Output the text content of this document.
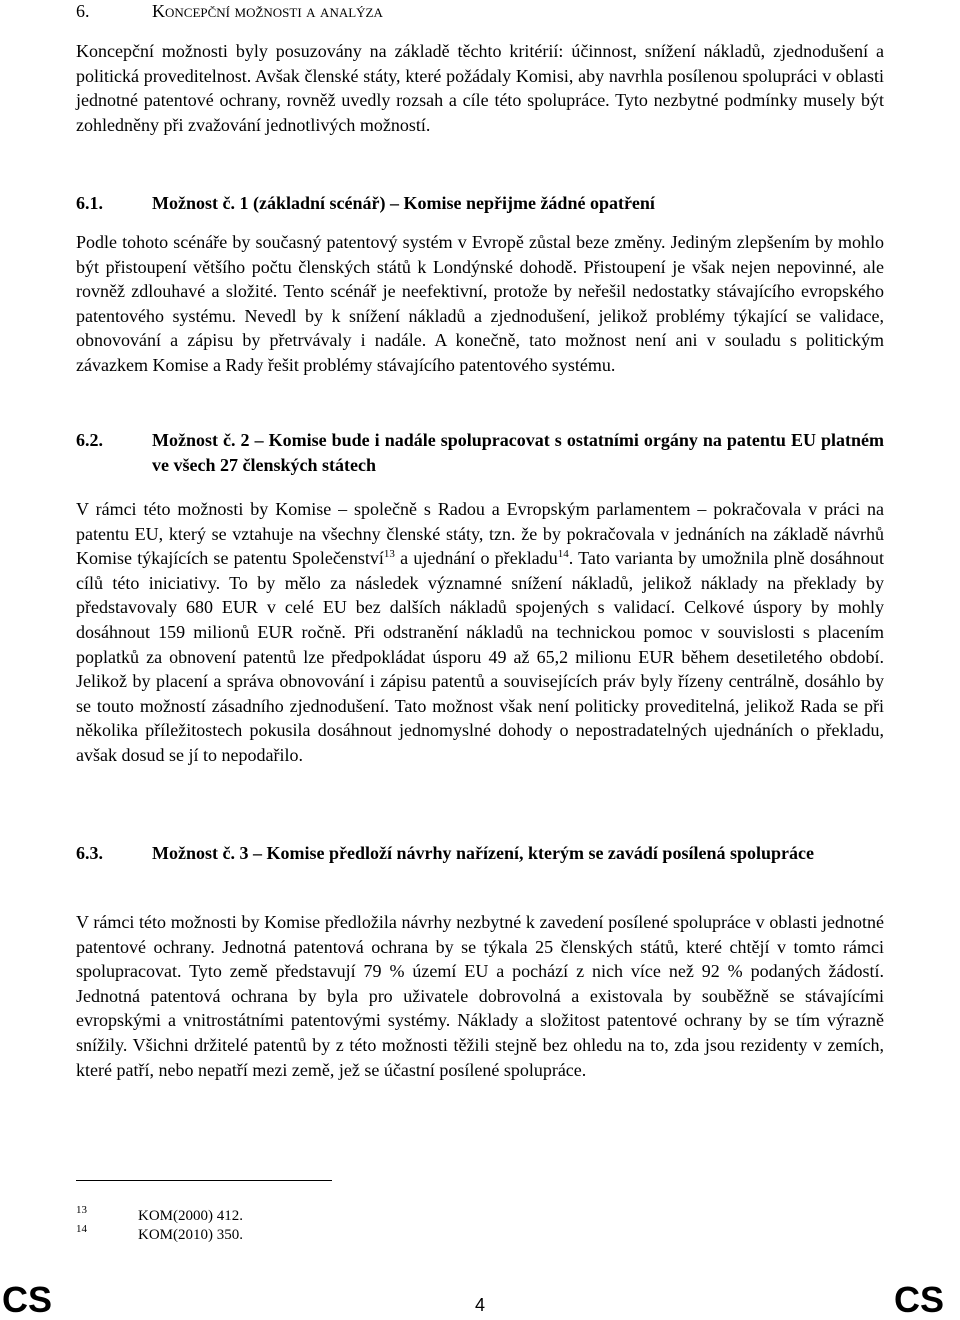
6.	Koncepční možnosti a analýza

Koncepční možnosti byly posuzovány na základě těchto kritérií: účinnost, snížení nákladů, zjednodušení a politická proveditelnost. Avšak členské státy, které požádaly Komisi, aby navrhla posílenou spolupráci v oblasti jednotné patentové ochrany, rovněž uvedly rozsah a cíle této spolupráce. Tyto nezbytné podmínky musely být zohledněny při zvažování jednotlivých možností.

6.1.	Možnost č. 1 (základní scénář) – Komise nepřijme žádné opatření

Podle tohoto scénáře by současný patentový systém v Evropě zůstal beze změny. Jediným zlepšením by mohlo být přistoupení většího počtu členských států k Londýnské dohodě. Přistoupení je však nejen nepovinné, ale rovněž zdlouhavé a složité. Tento scénář je neefektivní, protože by neřešil nedostatky stávajícího evropského patentového systému. Nevedl by k snížení nákladů a zjednodušení, jelikož problémy týkající se validace, obnovování a zápisu by přetrvávaly i nadále. A konečně, tato možnost není ani v souladu s politickým závazkem Komise a Rady řešit problémy stávajícího patentového systému.

6.2.	Možnost č. 2 – Komise bude i nadále spolupracovat s ostatními orgány na patentu EU platném ve všech 27 členských státech

V rámci této možnosti by Komise – společně s Radou a Evropským parlamentem – pokračovala v práci na patentu EU, který se vztahuje na všechny členské státy, tzn. že by pokračovala v jednáních na základě návrhů Komise týkajících se patentu Společenství$^{13}$ a ujednání o překladu$^{14}$. Tato varianta by umožnila plně dosáhnout cílů této iniciativy. To by mělo za následek významné snížení nákladů, jelikož náklady na překlady by představovaly 680 EUR v celé EU bez dalších nákladů spojených s validací. Celkové úspory by mohly dosáhnout 159 milionů EUR ročně. Při odstranění nákladů na technickou pomoc v souvislosti s placením poplatků za obnovení patentů lze předpokládat úsporu 49 až 65,2 milionu EUR během desetiletého období. Jelikož by placení a správa obnovování i zápisu patentů a souvisejících práv byly řízeny centrálně, dosáhlo by se touto možností zásadního zjednodušení. Tato možnost však není politicky proveditelná, jelikož Rada se při několika příležitostech pokusila dosáhnout jednomyslné dohody o nepostradatelných ujednáních o překladu, avšak dosud se jí to nepodařilo.

6.3.	Možnost č. 3 – Komise předloží návrhy nařízení, kterým se zavádí posílená spolupráce

V rámci této možnosti by Komise předložila návrhy nezbytné k zavedení posílené spolupráce v oblasti jednotné patentové ochrany. Jednotná patentová ochrana by se týkala 25 členských států, které chtějí v tomto rámci spolupracovat. Tyto země představují 79 % území EU a pochází z nich více než 92 % podaných žádostí. Jednotná patentová ochrana by byla pro uživatele dobrovolná a existovala by souběžně se stávajícími evropskými a vnitrostátními patentovými systémy. Náklady a složitost patentové ochrany by se tím výrazně snížily. Všichni držitelé patentů by z této možnosti těžili stejně bez ohledu na to, zda jsou rezidenty v zemích, které patří, nebo nepatří mezi země, jež se účastní posílené spolupráce.

13	KOM(2000) 412.
14	KOM(2010) 350.
CS	4	CS
